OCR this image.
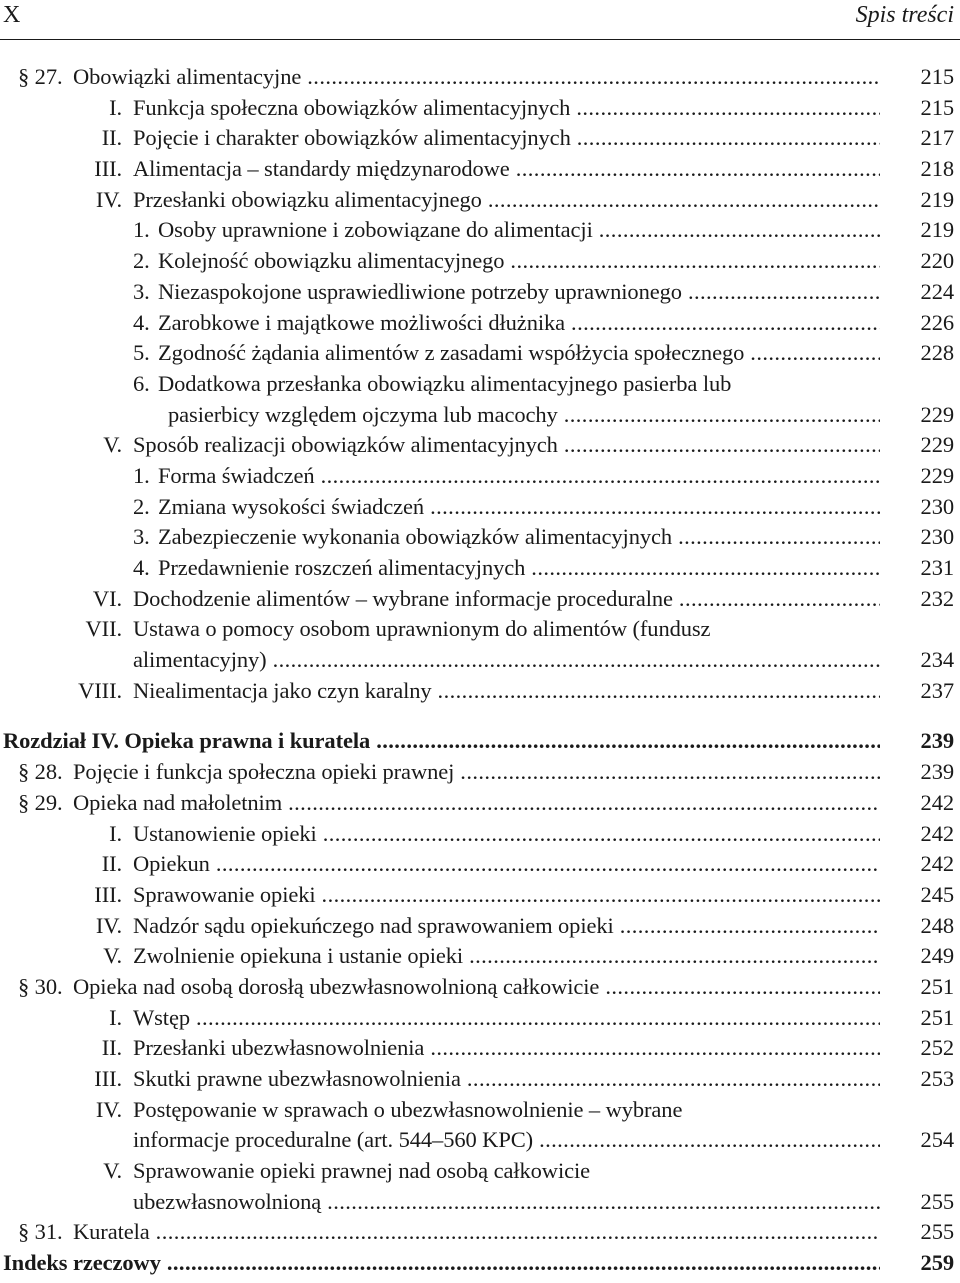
X	Spis treści
§ 27. Obowiązki alimentacyjne .....	215
I. Funkcja społeczna obowiązków alimentacyjnych .....	215
II. Pojęcie i charakter obowiązków alimentacyjnych .....	217
III. Alimentacja – standardy międzynarodowe .....	218
IV. Przesłanki obowiązku alimentacyjnego .....	219
1. Osoby uprawnione i zobowiązane do alimentacji .....	219
2. Kolejność obowiązku alimentacyjnego .....	220
3. Niezaspokojone usprawiedliwione potrzeby uprawnionego .....	224
4. Zarobkowe i majątkowe możliwości dłużnika .....	226
5. Zgodność żądania alimentów z zasadami współżycia społecznego .....	228
6. Dodatkowa przesłanka obowiązku alimentacyjnego pasierba lub
pasierbicy względem ojczyma lub macochy .....	229
V. Sposób realizacji obowiązków alimentacyjnych .....	229
1. Forma świadczeń .....	229
2. Zmiana wysokości świadczeń .....	230
3. Zabezpieczenie wykonania obowiązków alimentacyjnych .....	230
4. Przedawnienie roszczeń alimentacyjnych .....	231
VI. Dochodzenie alimentów – wybrane informacje proceduralne .....	232
VII. Ustawa o pomocy osobom uprawnionym do alimentów (fundusz
alimentacyjny) .....	234
VIII. Niealimentacja jako czyn karalny .....	237
Rozdział IV. Opieka prawna i kuratela .....	239
§ 28. Pojęcie i funkcja społeczna opieki prawnej .....	239
§ 29. Opieka nad małoletnim .....	242
I. Ustanowienie opieki .....	242
II. Opiekun .....	242
III. Sprawowanie opieki .....	245
IV. Nadzór sądu opiekuńczego nad sprawowaniem opieki .....	248
V. Zwolnienie opiekuna i ustanie opieki .....	249
§ 30. Opieka nad osobą dorosłą ubezwłasnowolnioną całkowicie .....	251
I. Wstęp .....	251
II. Przesłanki ubezwłasnowolnienia .....	252
III. Skutki prawne ubezwłasnowolnienia .....	253
IV. Postępowanie w sprawach o ubezwłasnowolnienie – wybrane
informacje proceduralne (art. 544–560 KPC) .....	254
V. Sprawowanie opieki prawnej nad osobą całkowicie
ubezwłasnowolnioną .....	255
§ 31. Kuratela .....	255
Indeks rzeczowy .....	259
